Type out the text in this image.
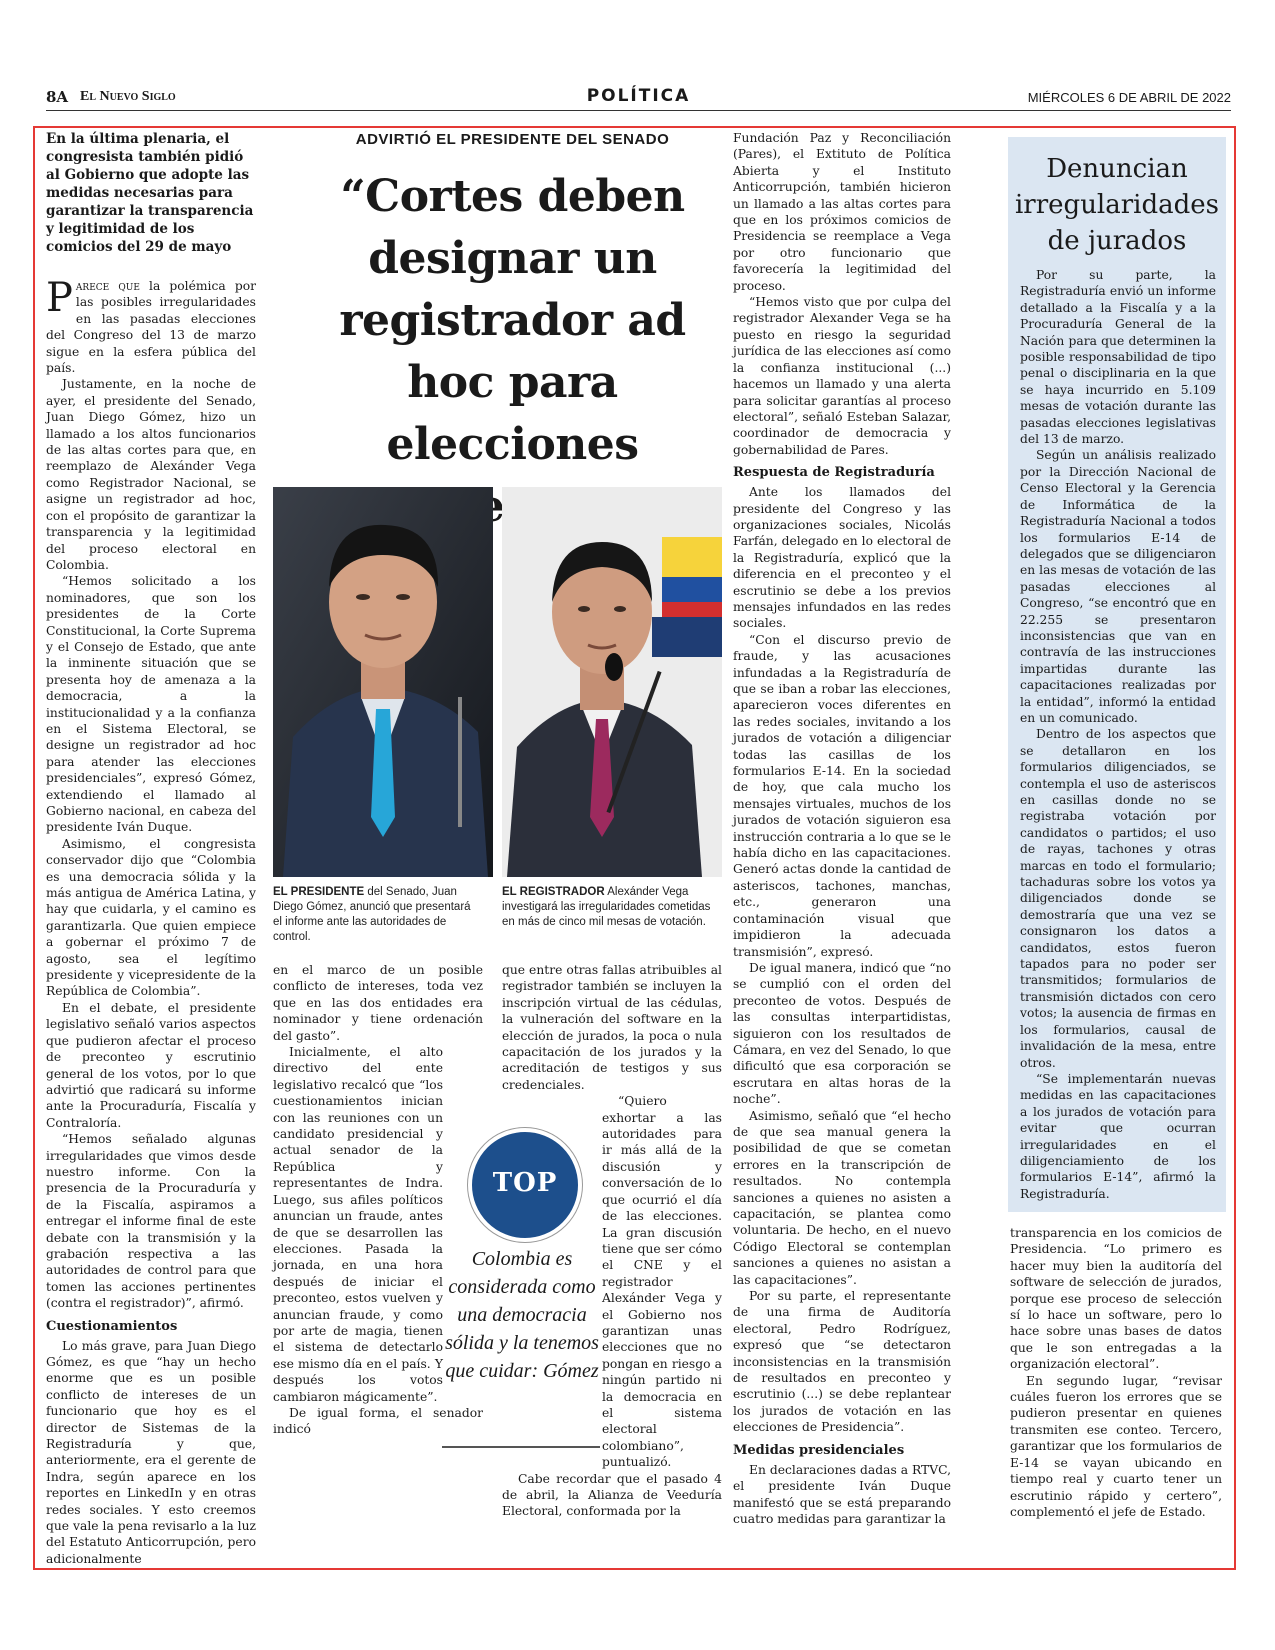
8A El Nuevo Siglo	POLÍTICA	MIÉRCOLES 6 DE ABRIL DE 2022
En la última plenaria, el congresista también pidió al Gobierno que adopte las medidas necesarias para garantizar la transparencia y legitimidad de los comicios del 29 de mayo

Parece que la polémica por las posibles irregularidades en las pasadas elecciones del Congreso del 13 de marzo sigue en la esfera pública del país.

Justamente, en la noche de ayer, el presidente del Senado, Juan Diego Gómez, hizo un llamado a los altos funcionarios de las altas cortes para que, en reemplazo de Alexánder Vega como Registrador Nacional, se asigne un registrador ad hoc, con el propósito de garantizar la transparencia y la legitimidad del proceso electoral en Colombia.

“Hemos solicitado a los nominadores, que son los presidentes de la Corte Constitucional, la Corte Suprema y el Consejo de Estado, que ante la inminente situación que se presenta hoy de amenaza a la democracia, a la institucionalidad y a la confianza en el Sistema Electoral, se designe un registrador ad hoc para atender las elecciones presidenciales”, expresó Gómez, extendiendo el llamado al Gobierno nacional, en cabeza del presidente Iván Duque.

Asimismo, el congresista conservador dijo que “Colombia es una democracia sólida y la más antigua de América Latina, y hay que cuidarla, y el camino es garantizarla. Que quien empiece a gobernar el próximo 7 de agosto, sea el legítimo presidente y vicepresidente de la República de Colombia”.

En el debate, el presidente legislativo señaló varios aspectos que pudieron afectar el proceso de preconteo y escrutinio general de los votos, por lo que advirtió que radicará su informe ante la Procuraduría, Fiscalía y Contraloría.

“Hemos señalado algunas irregularidades que vimos desde nuestro informe. Con la presencia de la Procuraduría y de la Fiscalía, aspiramos a entregar el informe final de este debate con la transmisión y la grabación respectiva a las autoridades de control para que tomen las acciones pertinentes (contra el registrador)”, afirmó.

Cuestionamientos

Lo más grave, para Juan Diego Gómez, es que “hay un hecho enorme que es un posible conflicto de intereses de un funcionario que hoy es el director de Sistemas de la Registraduría y que, anteriormente, era el gerente de Indra, según aparece en los reportes en LinkedIn y en otras redes sociales. Y esto creemos que vale la pena revisarlo a la luz del Estatuto Anticorrupción, pero adicionalmente

ADVIRTIÓ EL PRESIDENTE DEL SENADO
“Cortes deben designar un registrador ad hoc para elecciones
EL PRESIDENTE del Senado, Juan Diego Gómez, anunció que presentará el informe ante las autoridades de control.
EL REGISTRADOR Alexánder Vega investigará las irregularidades cometidas en más de cinco mil mesas de votación.

en el marco de un posible conflicto de intereses, toda vez que en las dos entidades era nominador y tiene ordenación del gasto”.

Inicialmente, el alto directivo del ente legislativo recalcó que “los cuestionamientos inician con las reuniones con un candidato presidencial y actual senador de la República y representantes de Indra. Luego, sus afiles políticos anuncian un fraude, antes de que se desarrollen las elecciones. Pasada la jornada, en una hora después de iniciar el preconteo, estos vuelven y anuncian fraude, y como por arte de magia, tienen el sistema de detectarlo ese mismo día en el país. Y después los votos cambiaron mágicamente”.

De igual forma, el senador indicó

que entre otras fallas atribuibles al registrador también se incluyen la inscripción virtual de las cédulas, la vulneración del software en la elección de jurados, la poca o nula capacitación de los jurados y la acreditación de testigos y sus credenciales.

“Quiero exhortar a las autoridades para ir más allá de la discusión y conversación de lo que ocurrió el día de las elecciones. La gran discusión tiene que ser cómo el CNE y el registrador Alexánder Vega y el Gobierno nos garantizan unas elecciones que no pongan en riesgo a ningún partido ni la democracia en el sistema electoral colombiano”, puntualizó.

Cabe recordar que el pasado 4 de abril, la Alianza de Veeduría Electoral, conformada por la

TOP
Colombia es considerada como una democracia sólida y la tenemos que cuidar: Gómez

Fundación Paz y Reconciliación (Pares), el Extituto de Política Abierta y el Instituto Anticorrupción, también hicieron un llamado a las altas cortes para que en los próximos comicios de Presidencia se reemplace a Vega por otro funcionario que favorecería la legitimidad del proceso.

“Hemos visto que por culpa del registrador Alexander Vega se ha puesto en riesgo la seguridad jurídica de las elecciones así como la confianza institucional (...) hacemos un llamado y una alerta para solicitar garantías al proceso electoral”, señaló Esteban Salazar, coordinador de democracia y gobernabilidad de Pares.

Respuesta de Registraduría

Ante los llamados del presidente del Congreso y las organizaciones sociales, Nicolás Farfán, delegado en lo electoral de la Registraduría, explicó que la diferencia en el preconteo y el escrutinio se debe a los previos mensajes infundados en las redes sociales.

“Con el discurso previo de fraude, y las acusaciones infundadas a la Registraduría de que se iban a robar las elecciones, aparecieron voces diferentes en las redes sociales, invitando a los jurados de votación a diligenciar todas las casillas de los formularios E-14. En la sociedad de hoy, que cala mucho los mensajes virtuales, muchos de los jurados de votación siguieron esa instrucción contraria a lo que se le había dicho en las capacitaciones. Generó actas donde la cantidad de asteriscos, tachones, manchas, etc., generaron una contaminación visual que impidieron la adecuada transmisión”, expresó.

De igual manera, indicó que “no se cumplió con el orden del preconteo de votos. Después de las consultas interpartidistas, siguieron con los resultados de Cámara, en vez del Senado, lo que dificultó que esa corporación se escrutara en altas horas de la noche”.

Asimismo, señaló que “el hecho de que sea manual genera la posibilidad de que se cometan errores en la transcripción de resultados. No contempla sanciones a quienes no asisten a capacitación, se plantea como voluntaria. De hecho, en el nuevo Código Electoral se contemplan sanciones a quienes no asistan a las capacitaciones”.

Por su parte, el representante de una firma de Auditoría electoral, Pedro Rodríguez, expresó que “se detectaron inconsistencias en la transmisión de resultados en preconteo y escrutinio (...) se debe replantear los jurados de votación en las elecciones de Presidencia”.

Medidas presidenciales

En declaraciones dadas a RTVC, el presidente Iván Duque manifestó que se está preparando cuatro medidas para garantizar la

Denuncian irregularidades de jurados

Por su parte, la Registraduría envió un informe detallado a la Fiscalía y a la Procuraduría General de la Nación para que determinen la posible responsabilidad de tipo penal o disciplinaria en la que se haya incurrido en 5.109 mesas de votación durante las pasadas elecciones legislativas del 13 de marzo.

Según un análisis realizado por la Dirección Nacional de Censo Electoral y la Gerencia de Informática de la Registraduría Nacional a todos los formularios E-14 de delegados que se diligenciaron en las mesas de votación de las pasadas elecciones al Congreso, “se encontró que en 22.255 se presentaron inconsistencias que van en contravía de las instrucciones impartidas durante las capacitaciones realizadas por la entidad”, informó la entidad en un comunicado.

Dentro de los aspectos que se detallaron en los formularios diligenciados, se contempla el uso de asteriscos en casillas donde no se registraba votación por candidatos o partidos; el uso de rayas, tachones y otras marcas en todo el formulario; tachaduras sobre los votos ya diligenciados donde se demostraría que una vez se consignaron los datos a candidatos, estos fueron tapados para no poder ser transmitidos; formularios de transmisión dictados con cero votos; la ausencia de firmas en los formularios, causal de invalidación de la mesa, entre otros.

“Se implementarán nuevas medidas en las capacitaciones a los jurados de votación para evitar que ocurran irregularidades en el diligenciamiento de los formularios E-14”, afirmó la Registraduría.

transparencia en los comicios de Presidencia. “Lo primero es hacer muy bien la auditoría del software de selección de jurados, porque ese proceso de selección sí lo hace un software, pero lo hace sobre unas bases de datos que le son entregadas a la organización electoral”.

En segundo lugar, “revisar cuáles fueron los errores que se pudieron presentar en quienes transmiten ese conteo. Tercero, garantizar que los formularios de E-14 se vayan ubicando en tiempo real y cuarto tener un escrutinio rápido y certero”, complementó el jefe de Estado.
